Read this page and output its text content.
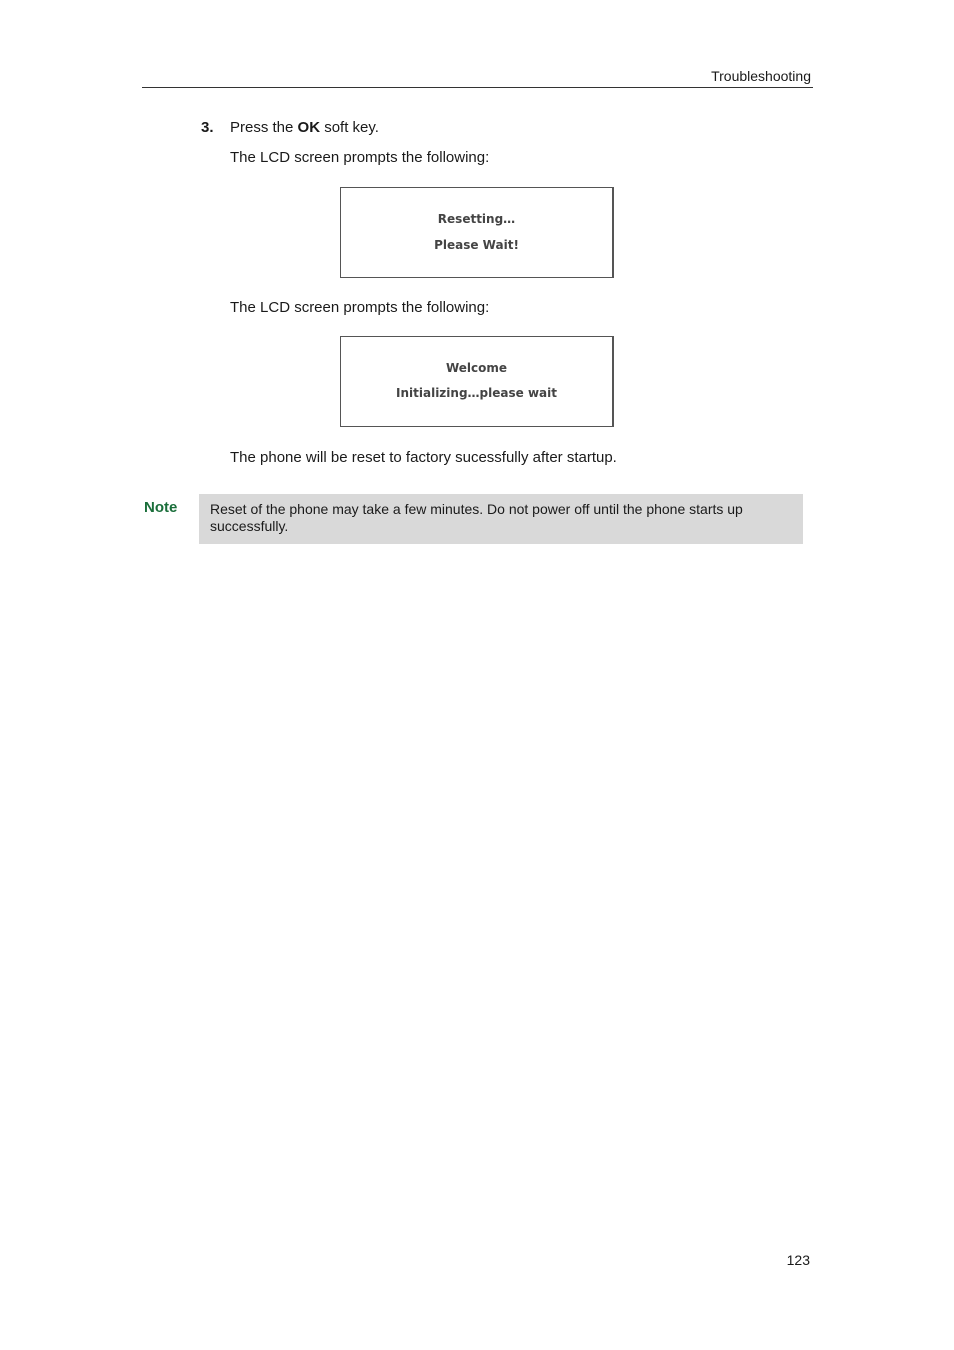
Troubleshooting
3. Press the OK soft key.
The LCD screen prompts the following:
Resetting…
Please Wait!
The LCD screen prompts the following:
Welcome
Initializing…please wait
The phone will be reset to factory sucessfully after startup.
Note Reset of the phone may take a few minutes. Do not power off until the phone starts up successfully.
123
